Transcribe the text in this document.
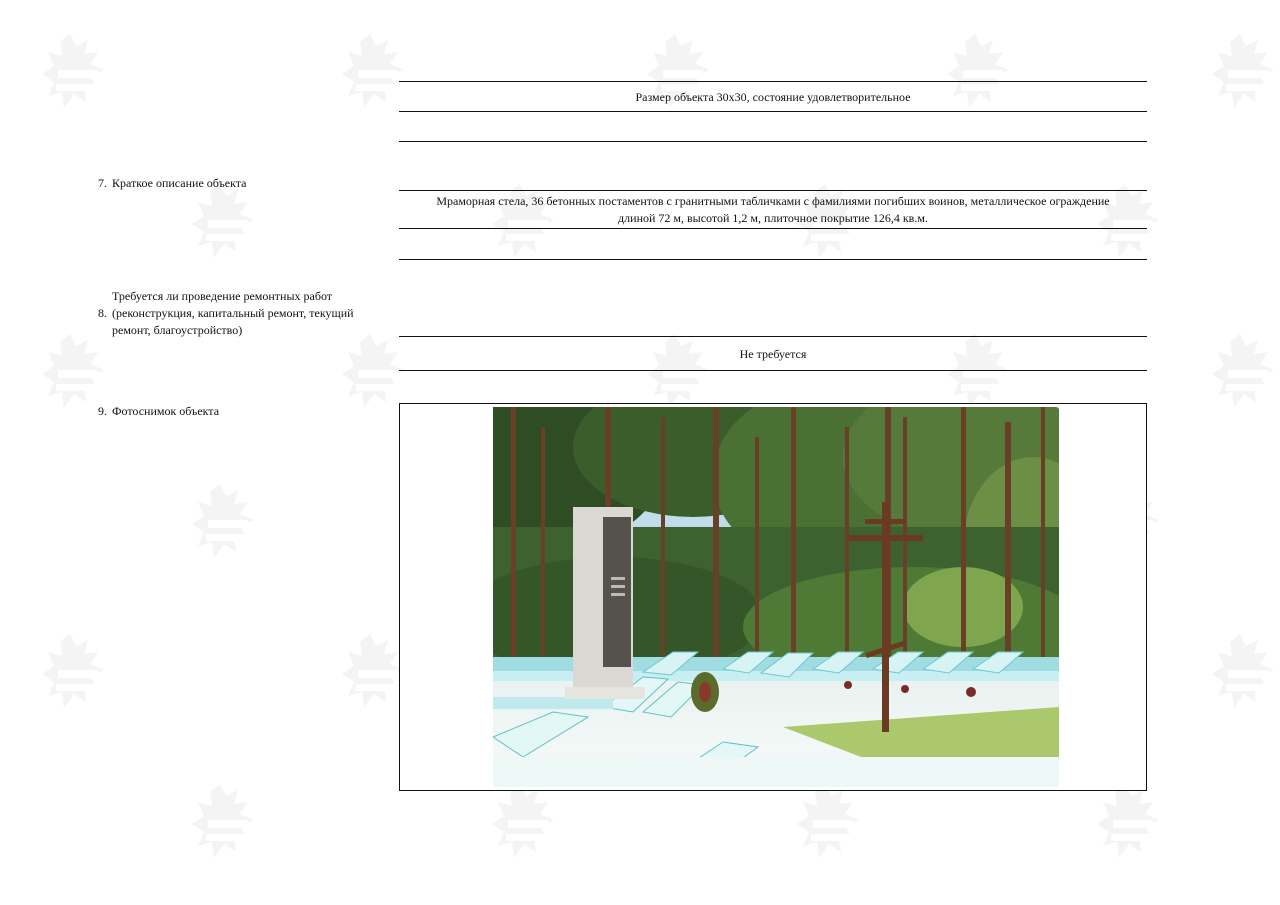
Размер объекта 30х30, состояние удовлетворительное
7. Краткое описание объекта
Мраморная стела, 36 бетонных постаментов с гранитными табличками с фамилиями погибших воинов, металлическое ограждение
длиной 72 м, высотой 1,2 м, плиточное покрытие 126,4 кв.м.
Требуется ли проведение ремонтных работ
8. (реконструкция, капитальный ремонт, текущий
ремонт, благоустройство)
Не требуется
9. Фотоснимок объекта
